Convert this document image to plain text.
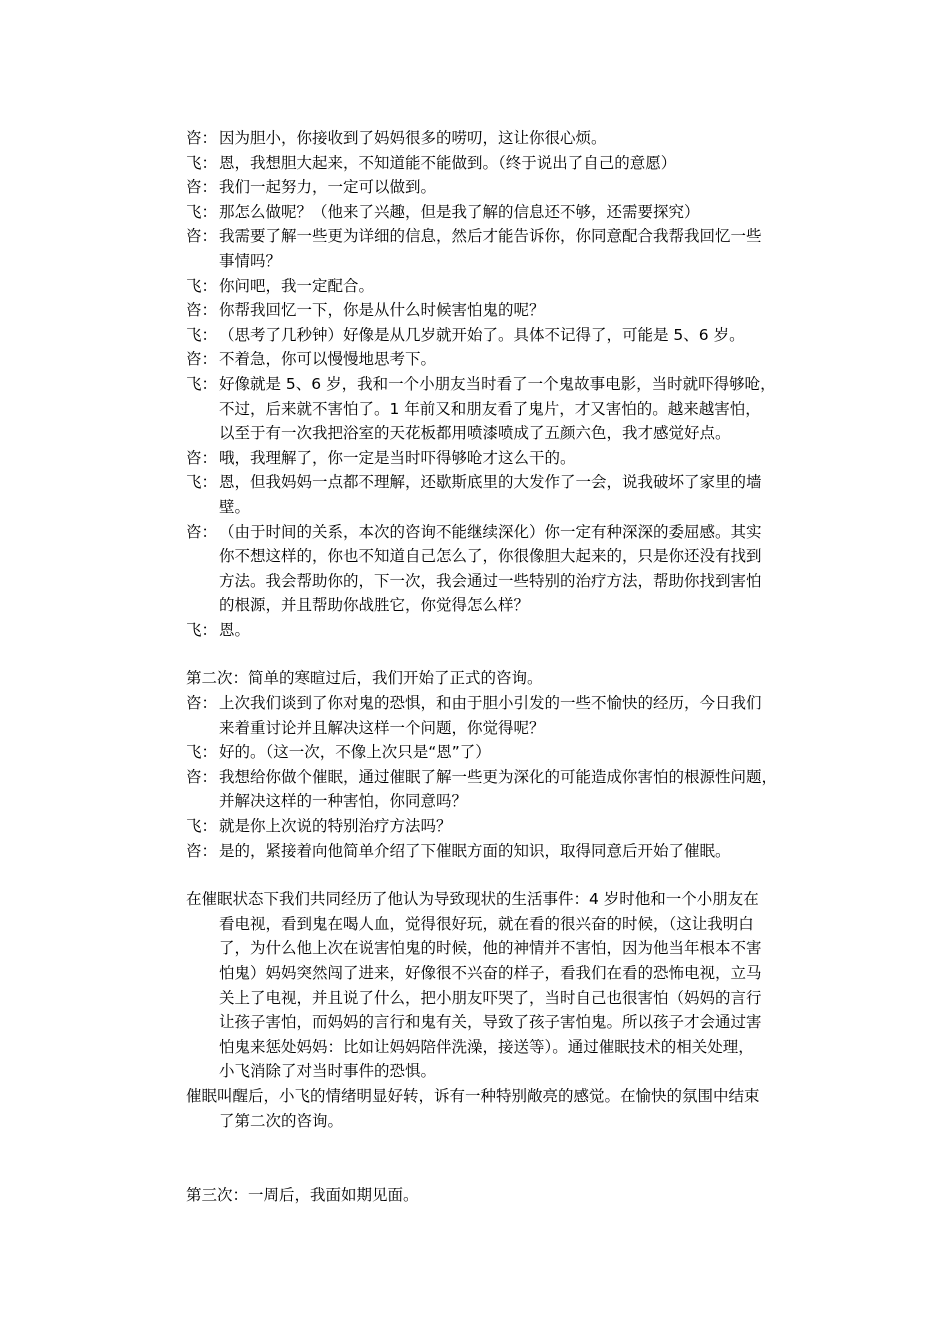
咨： 因为胆小，你接收到了妈妈很多的唠叨，这让你很心烦。
飞： 恩，我想胆大起来，不知道能不能做到。（终于说出了自己的意愿）
咨： 我们一起努力，一定可以做到。
飞： 那怎么做呢？（他来了兴趣，但是我了解的信息还不够，还需要探究）
咨： 我需要了解一些更为详细的信息，然后才能告诉你，你同意配合我帮我回忆一些
事情吗？
飞： 你问吧，我一定配合。
咨： 你帮我回忆一下，你是从什么时候害怕鬼的呢？
飞： （思考了几秒钟）好像是从几岁就开始了。具体不记得了，可能是 5、6 岁。
咨： 不着急，你可以慢慢地思考下。
飞： 好像就是 5、6 岁，我和一个小朋友当时看了一个鬼故事电影，当时就吓得够呛，
不过，后来就不害怕了。1 年前又和朋友看了鬼片，才又害怕的。越来越害怕，
以至于有一次我把浴室的天花板都用喷漆喷成了五颜六色，我才感觉好点。
咨： 哦，我理解了，你一定是当时吓得够呛才这么干的。
飞： 恩，但我妈妈一点都不理解，还歇斯底里的大发作了一会，说我破坏了家里的墙
壁。
咨： （由于时间的关系，本次的咨询不能继续深化）你一定有种深深的委屈感。其实
你不想这样的，你也不知道自己怎么了，你很像胆大起来的，只是你还没有找到
方法。我会帮助你的，下一次，我会通过一些特别的治疗方法，帮助你找到害怕
的根源，并且帮助你战胜它，你觉得怎么样？
飞： 恩。
第二次：简单的寒暄过后，我们开始了正式的咨询。
咨： 上次我们谈到了你对鬼的恐惧，和由于胆小引发的一些不愉快的经历，今日我们
来着重讨论并且解决这样一个问题，你觉得呢？
飞： 好的。（这一次，不像上次只是“恩”了）
咨： 我想给你做个催眠，通过催眠了解一些更为深化的可能造成你害怕的根源性问题，
并解决这样的一种害怕，你同意吗？
飞： 就是你上次说的特别治疗方法吗？
咨： 是的，紧接着向他简单介绍了下催眠方面的知识，取得同意后开始了催眠。
在催眠状态下我们共同经历了他认为导致现状的生活事件：4 岁时他和一个小朋友在
看电视，看到鬼在喝人血，觉得很好玩，就在看的很兴奋的时候，（这让我明白
了，为什么他上次在说害怕鬼的时候，他的神情并不害怕，因为他当年根本不害
怕鬼）妈妈突然闯了进来，好像很不兴奋的样子，看我们在看的恐怖电视，立马
关上了电视，并且说了什么，把小朋友吓哭了，当时自己也很害怕（妈妈的言行
让孩子害怕，而妈妈的言行和鬼有关，导致了孩子害怕鬼。所以孩子才会通过害
怕鬼来惩处妈妈：比如让妈妈陪伴洗澡，接送等）。通过催眠技术的相关处理，
小飞消除了对当时事件的恐惧。
催眠叫醒后，小飞的情绪明显好转，诉有一种特别敞亮的感觉。在愉快的氛围中结束
了第二次的咨询。
第三次：一周后，我面如期见面。
